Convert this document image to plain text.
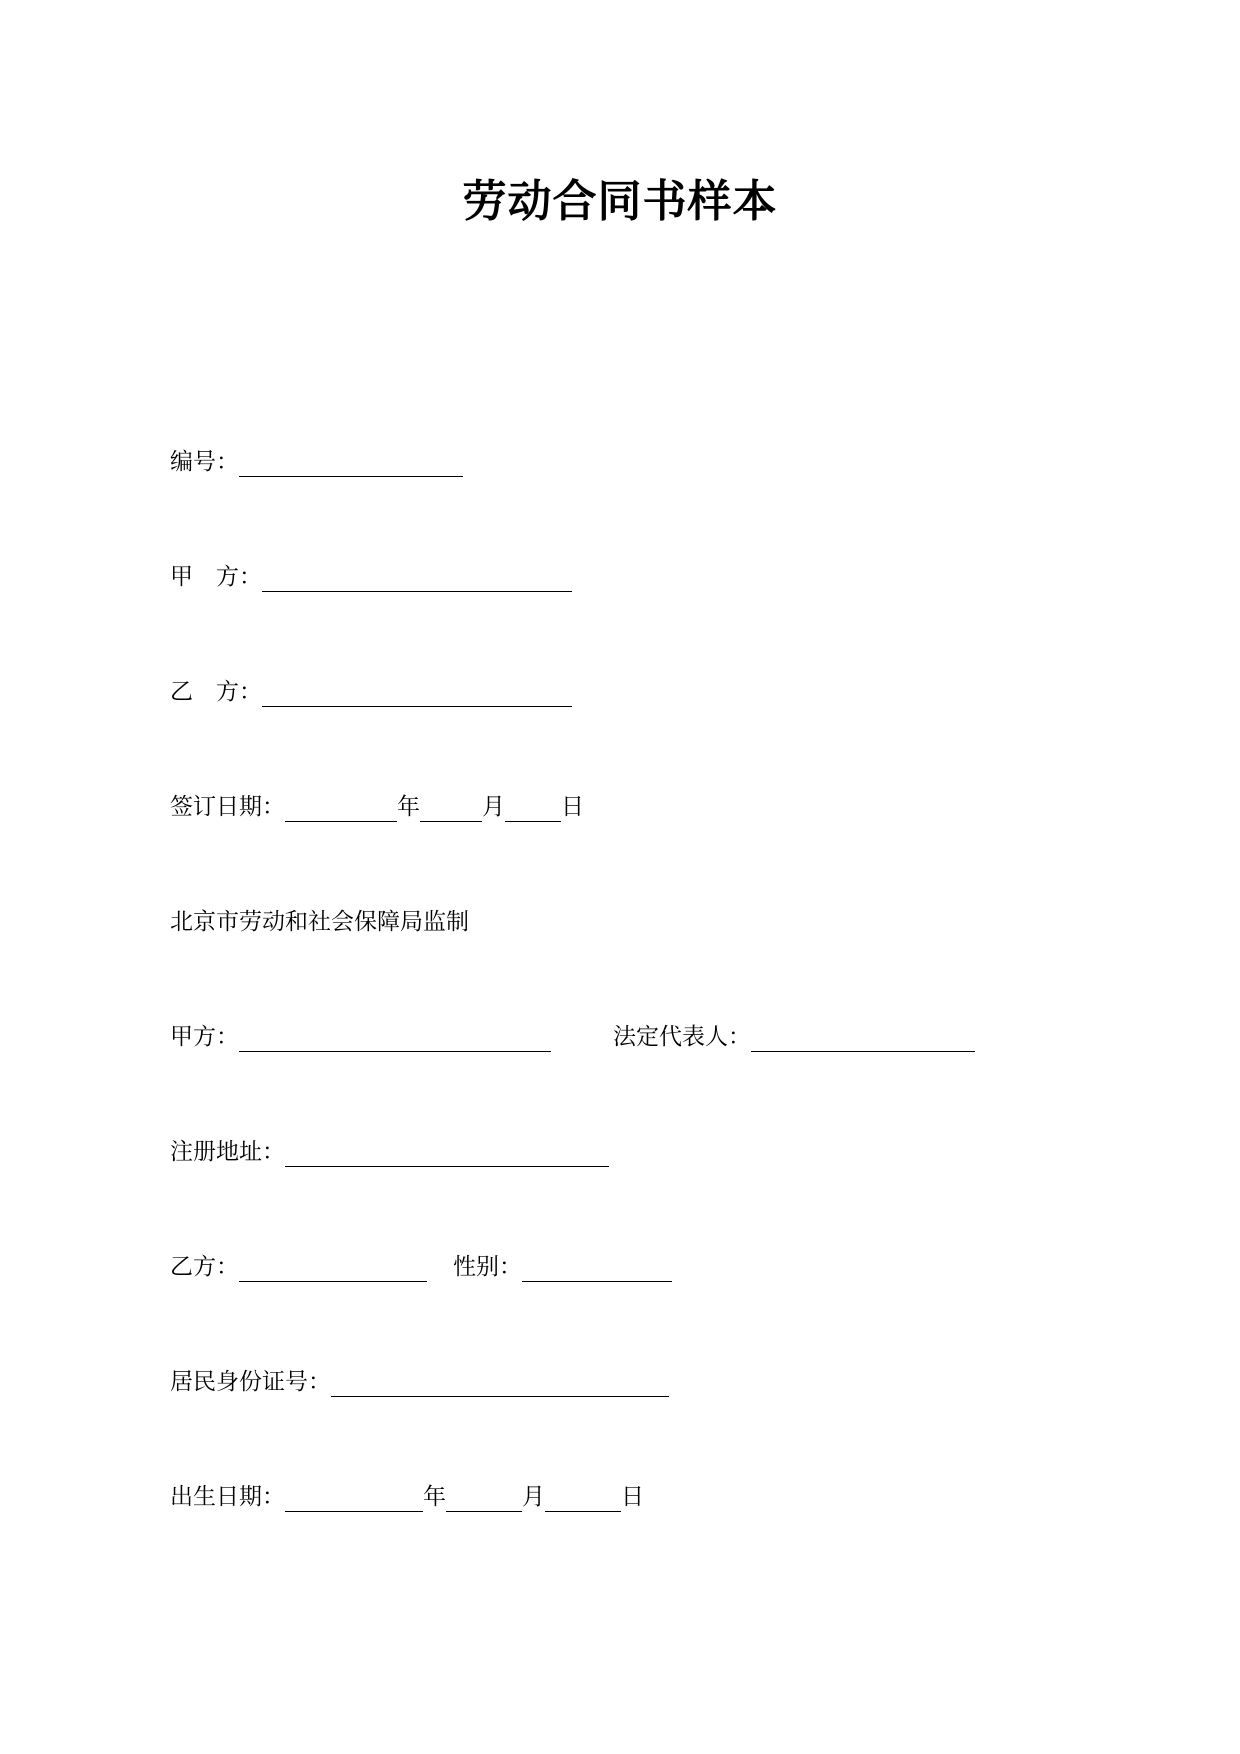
劳动合同书样本
编号：
甲　方：
乙　方：
签订日期：	年	月 日
北京市劳动和社会保障局监制
甲方：	法定代表人：
注册地址：
乙方：	性别：
居民身份证号：
出生日期：	年	月	日
